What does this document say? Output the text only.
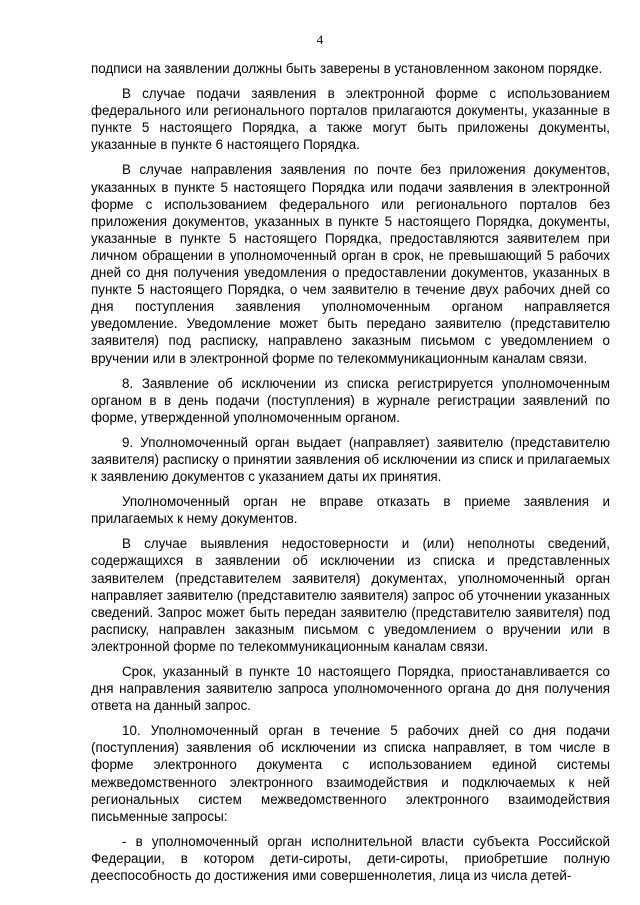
4

подписи на заявлении должны быть заверены в установленном законом порядке.

В случае подачи заявления в электронной форме с использованием федерального или регионального порталов прилагаются документы, указанные в пункте 5 настоящего Порядка, а также могут быть приложены документы, указанные в пункте 6 настоящего Порядка.

В случае направления заявления по почте без приложения документов, указанных в пункте 5 настоящего Порядка или подачи заявления в электронной форме с использованием федерального или регионального порталов без приложения документов, указанных в пункте 5 настоящего Порядка, документы, указанные в пункте 5 настоящего Порядка, предоставляются заявителем при личном обращении в уполномоченный орган в срок, не превышающий 5 рабочих дней со дня получения уведомления о предоставлении документов, указанных в пункте 5 настоящего Порядка, о чем заявителю в течение двух рабочих дней со дня поступления заявления уполномоченным органом направляется уведомление. Уведомление может быть передано заявителю (представителю заявителя) под расписку, направлено заказным письмом с уведомлением о вручении или в электронной форме по телекоммуникационным каналам связи.

8. Заявление об исключении из списка регистрируется уполномоченным органом в в день подачи (поступления) в журнале регистрации заявлений по форме, утвержденной уполномоченным органом.

9. Уполномоченный орган выдает (направляет) заявителю (представителю заявителя) расписку о принятии заявления об исключении из списк и прилагаемых к заявлению документов с указанием даты их принятия.

Уполномоченный орган не вправе отказать в приеме заявления и прилагаемых к нему документов.

В случае выявления недостоверности и (или) неполноты сведений, содержащихся в заявлении об исключении из списка и представленных заявителем (представителем заявителя) документах, уполномоченный орган направляет заявителю (представителю заявителя) запрос об уточнении указанных сведений. Запрос может быть передан заявителю (представителю заявителя) под расписку, направлен заказным письмом с уведомлением о вручении или в электронной форме по телекоммуникационным каналам связи.

Срок, указанный в пункте 10 настоящего Порядка, приостанавливается со дня направления заявителю запроса уполномоченного органа до дня получения ответа на данный запрос.

10. Уполномоченный орган в течение 5 рабочих дней со дня подачи (поступления) заявления об исключении из списка направляет, в том числе в форме электронного документа с использованием единой системы межведомственного электронного взаимодействия и подключаемых к ней региональных систем межведомственного электронного взаимодействия письменные запросы:

- в уполномоченный орган исполнительной власти субъекта Российской Федерации, в котором дети-сироты, дети-сироты, приобретшие полную дееспособность до достижения ими совершеннолетия, лица из числа детей-
